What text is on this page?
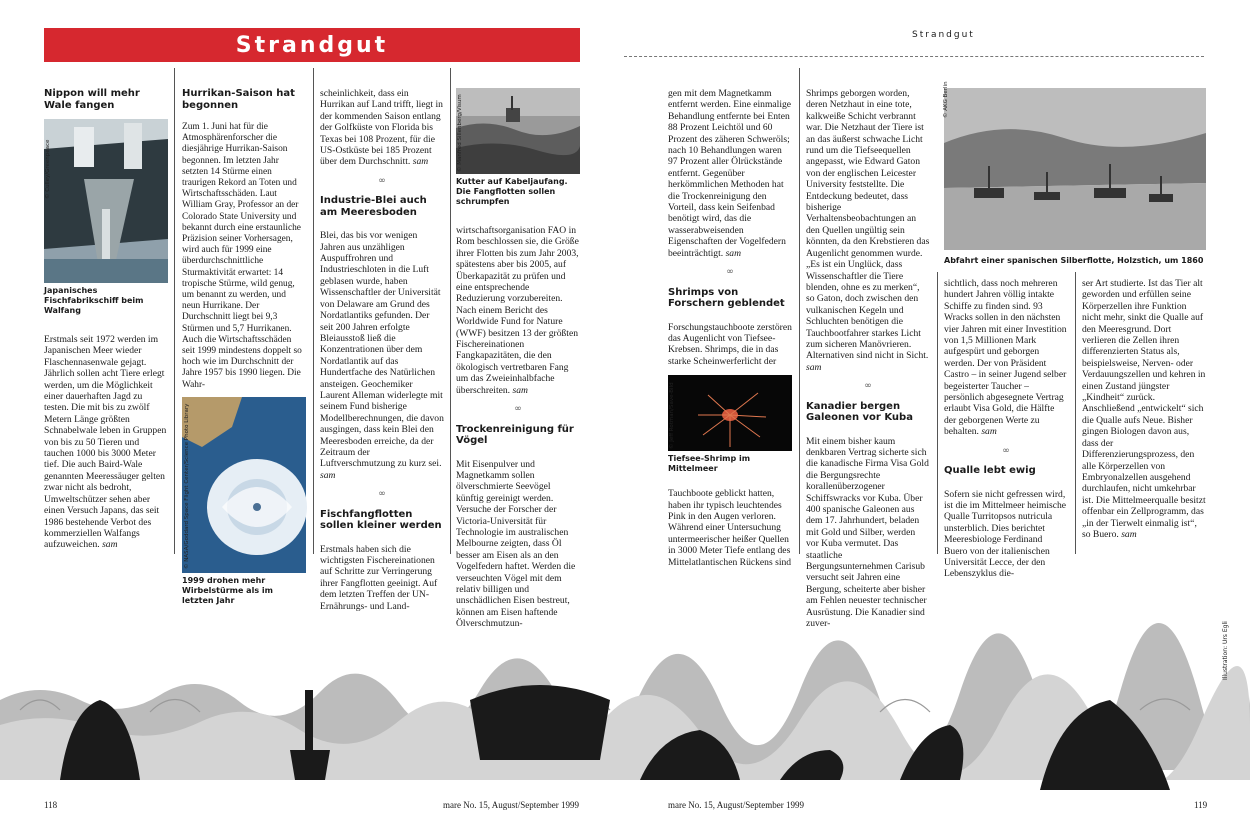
Strandgut	Strandgut
Nippon will mehr Wale fangen
© Culley/Greenpeace
Japanisches Fischfabrikschiff beim Walfang

Erstmals seit 1972 werden im Japanischen Meer wieder Flaschennasenwale gejagt. Jährlich sollen acht Tiere erlegt werden, um die Möglichkeit einer dauerhaften Jagd zu testen. Die mit bis zu zwölf Metern Länge größten Schnabelwale leben in Gruppen von bis zu 50 Tieren und tauchen 1000 bis 3000 Meter tief. Die auch Baird-Wale genannten Meeressäuger gelten zwar nicht als bedroht, Umweltschützer sehen aber einen Versuch Japans, das seit 1986 bestehende Verbot des kommerziellen Walfangs aufzuweichen. sam

Hurrikan-Saison hat begonnen

Zum 1. Juni hat für die Atmosphärenforscher die diesjährige Hurrikan-Saison begonnen. Im letzten Jahr setzten 14 Stürme einen traurigen Rekord an Toten und Wirtschaftsschäden. Laut William Gray, Professor an der Colorado State University und bekannt durch eine erstaunliche Präzision seiner Vorhersagen, wird auch für 1999 eine überdurchschnittliche Sturmaktivität erwartet: 14 tropische Stürme, wild genug, um benannt zu werden, und neun Hurrikane. Der Durchschnitt liegt bei 9,3 Stürmen und 5,7 Hurrikanen. Auch die Wirtschaftsschäden seit 1999 mindestens doppelt so hoch wie im Durchschnitt der Jahre 1957 bis 1990 liegen. Die Wahr-

© NASA/Goddard Space Flight Center/Science Photo Library
1999 drohen mehr Wirbelstürme als im letzten Jahr

scheinlichkeit, dass ein Hurrikan auf Land trifft, liegt in der kommenden Saison entlang der Golfküste von Florida bis Texas bei 108 Prozent, für die US-Ostküste bei 185 Prozent über dem Durchschnitt. sam

∞
Industrie-Blei auch am Meeresboden

Blei, das bis vor wenigen Jahren aus unzähligen Auspuffrohren und Industrieschloten in die Luft geblasen wurde, haben Wissenschaftler der Universität von Delaware am Grund des Nordatlantiks gefunden. Der seit 200 Jahren erfolgte Bleiausstoß ließ die Konzentrationen über dem Nordatlantik auf das Hundertfache des Natürlichen ansteigen. Geochemiker Laurent Alleman widerlegte mit seinem Fund bisherige Modellberechnungen, die davon ausgingen, dass kein Blei den Meeresboden erreiche, da der Zeitraum der Luftverschmutzung zu kurz sei. sam

∞
Fischfangflotten sollen kleiner werden

Erstmals haben sich die wichtigsten Fischereinationen auf Schritte zur Verringerung ihrer Fangflotten geeinigt. Auf dem letzten Treffen der UN-Ernährungs- und Land-

© Manfred Sillenberg/Visum
Kutter auf Kabeljaufang. Die Fangflotten sollen schrumpfen

wirtschaftsorganisation FAO in Rom beschlossen sie, die Größe ihrer Flotten bis zum Jahr 2003, spätestens aber bis 2005, auf Überkapazität zu prüfen und eine entsprechende Reduzierung vorzubereiten. Nach einem Bericht des Worldwide Fund for Nature (WWF) besitzen 13 der größten Fischereinationen Fangkapazitäten, die den ökologisch vertretbaren Fang um das Zweieinhalbfache überschreiten. sam

∞
Trockenreinigung für Vögel

Mit Eisenpulver und Magnetkamm sollen ölverschmierte Seevögel künftig gereinigt werden. Versuche der Forscher der Victoria-Universität für Technologie im australischen Melbourne zeigten, dass Öl besser am Eisen als an den Vogelfedern haftet. Werden die verseuchten Vögel mit dem relativ billigen und unschädlichen Eisen bestreut, können am Eisen haftende Ölverschmutzun-

gen mit dem Magnetkamm entfernt werden. Eine einmalige Behandlung entfernte bei Enten 88 Prozent Leichtöl und 60 Prozent des zäheren Schweröls; nach 10 Behandlungen waren 97 Prozent aller Ölrückstände entfernt. Gegenüber herkömmlichen Methoden hat die Trockenreinigung den Vorteil, dass kein Seifenbad benötigt wird, das die wasserabweisenden Eigenschaften der Vogelfedern beeinträchtigt. sam

∞
Shrimps von Forschern geblendet

Forschungstauchboote zerstören das Augenlicht von Tiefsee-Krebsen. Shrimps, die in das starke Scheinwerferlicht der

© Jeff Rotman/Save-Bild
Tiefsee-Shrimp im Mittelmeer

Tauchboote geblickt hatten, haben ihr typisch leuchtendes Pink in den Augen verloren. Während einer Untersuchung untermeerischer heißer Quellen in 3000 Meter Tiefe entlang des Mittelatlantischen Rückens sind

Shrimps geborgen worden, deren Netzhaut in eine tote, kalkweiße Schicht verbrannt war. Die Netzhaut der Tiere ist an das äußerst schwache Licht rund um die Tiefseequellen angepasst, wie Edward Gaton von der englischen Leicester University feststellte. Die Entdeckung bedeutet, dass bisherige Verhaltensbeobachtungen an den Quellen ungültig sein könnten, da den Krebstieren das Augenlicht genommen wurde. „Es ist ein Unglück, dass Wissenschaftler die Tiere blenden, ohne es zu merken“, so Gaton, doch zwischen den vulkanischen Kegeln und Schluchten benötigen die Tauchbootfahrer starkes Licht zum sicheren Manövrieren. Alternativen sind nicht in Sicht. sam

∞
Kanadier bergen Galeonen vor Kuba

Mit einem bisher kaum denkbaren Vertrag sicherte sich die kanadische Firma Visa Gold die Bergungsrechte korallenüberzogener Schiffswracks vor Kuba. Über 400 spanische Galeonen aus dem 17. Jahrhundert, beladen mit Gold und Silber, werden vor Kuba vermutet. Das staatliche Bergungsunternehmen Carisub versucht seit Jahren eine Bergung, scheiterte aber bisher am Fehlen neuester technischer Ausrüstung. Die Kanadier sind zuver-

© AKG Berlin
Abfahrt einer spanischen Silberflotte, Holzstich, um 1860

sichtlich, dass noch mehreren hundert Jahren völlig intakte Schiffe zu finden sind. 93 Wracks sollen in den nächsten vier Jahren mit einer Investition von 1,5 Millionen Mark aufgespürt und geborgen werden. Der von Präsident Castro – in seiner Jugend selber begeisterter Taucher – persönlich abgesegnete Vertrag erlaubt Visa Gold, die Hälfte der geborgenen Werte zu behalten. sam

∞
Qualle lebt ewig

Sofern sie nicht gefressen wird, ist die im Mittelmeer heimische Qualle Turritopsos nutricula unsterblich. Dies berichtet Meeresbiologe Ferdinand Buero von der italienischen Universität Lecce, der den Lebenszyklus die-

ser Art studierte. Ist das Tier alt geworden und erfüllen seine Körperzellen ihre Funktion nicht mehr, sinkt die Qualle auf den Meeresgrund. Dort verlieren die Zellen ihren differenzierten Status als, beispielsweise, Nerven- oder Verdauungszellen und kehren in einen Zustand jüngster „Kindheit“ zurück. Anschließend „entwickelt“ sich die Qualle aufs Neue. Bisher gingen Biologen davon aus, dass der Differenzierungsprozess, den alle Körperzellen von Embryonalzellen ausgehend durchlaufen, nicht umkehrbar ist. Die Mittelmeerqualle besitzt offenbar ein Zellprogramm, das „in der Tierwelt einmalig ist“, so Buero. sam

Illustration: Urs Egli
118	mare No. 15, August/September 1999	mare No. 15, August/September 1999	119
